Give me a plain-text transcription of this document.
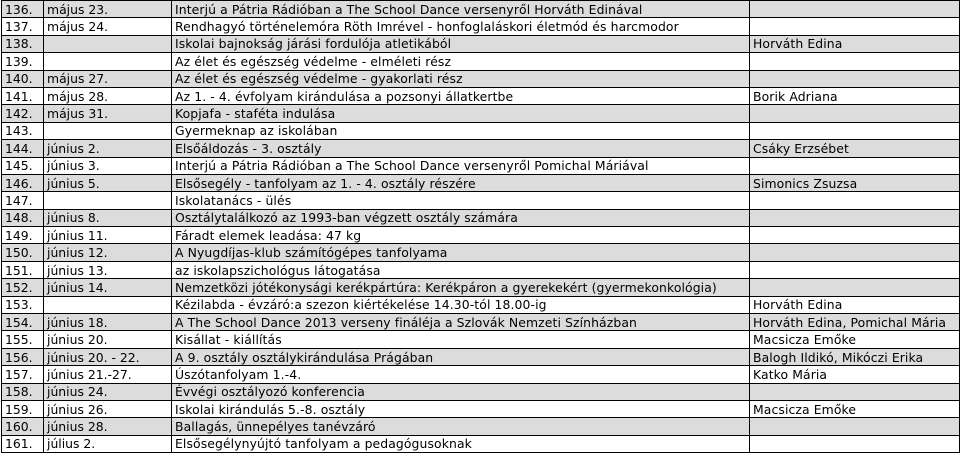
136.	május 23.	Interjú a Pátria Rádióban a The School Dance versenyről Horváth Edinával	
137.	május 24.	Rendhagyó történelemóra Röth Imrével - honfoglaláskori életmód és harcmodor	
138.		Iskolai bajnokság járási fordulója atletikából	Horváth Edina
139.		Az élet és egészség védelme - elméleti rész	
140.	május 27.	Az élet és egészség védelme - gyakorlati rész	
141.	május 28.	Az 1. - 4. évfolyam kirándulása a pozsonyi állatkertbe	Borik Adriana
142.	május 31.	Kopjafa - staféta indulása	
143.		Gyermeknap az iskolában	
144.	június 2.	Elsőáldozás - 3. osztály	Csáky Erzsébet
145.	június 3.	Interjú a Pátria Rádióban a The School Dance versenyről Pomichal Máriával	
146.	június 5.	Elsősegély - tanfolyam az 1. - 4. osztály részére	Simonics Zsuzsa
147.		Iskolatanács - ülés	
148.	június 8.	Osztálytalálkozó az 1993-ban végzett osztály számára	
149.	június 11.	Fáradt elemek leadása: 47 kg	
150.	június 12.	A Nyugdíjas-klub számítógépes tanfolyama	
151.	június 13.	az iskolapszichológus látogatása	
152.	június 14.	Nemzetközi jótékonysági kerékpártúra: Kerékpáron a gyerekekért (gyermekonkológia)	
153.		Kézilabda - évzáró:a szezon kiértékelése 14.30-tól 18.00-ig	Horváth Edina
154.	június 18.	A The School Dance 2013 verseny fináléja a Szlovák Nemzeti Színházban	Horváth Edina, Pomichal Mária
155.	június 20.	Kisállat - kiállítás	Macsicza Emőke
156.	június 20. - 22.	A 9. osztály osztálykirándulása Prágában	Balogh Ildikó, Mikóczi Erika
157.	június 21.-27.	Úszótanfolyam 1.-4.	Katko Mária
158.	június 24.	Évvégi osztályozó konferencia	
159.	június 26.	Iskolai kirándulás 5.-8. osztály	Macsicza Emőke
160.	június 28.	Ballagás, ünnepélyes tanévzáró	
161.	július 2.	Elsősegélynyújtó tanfolyam a pedagógusoknak	
